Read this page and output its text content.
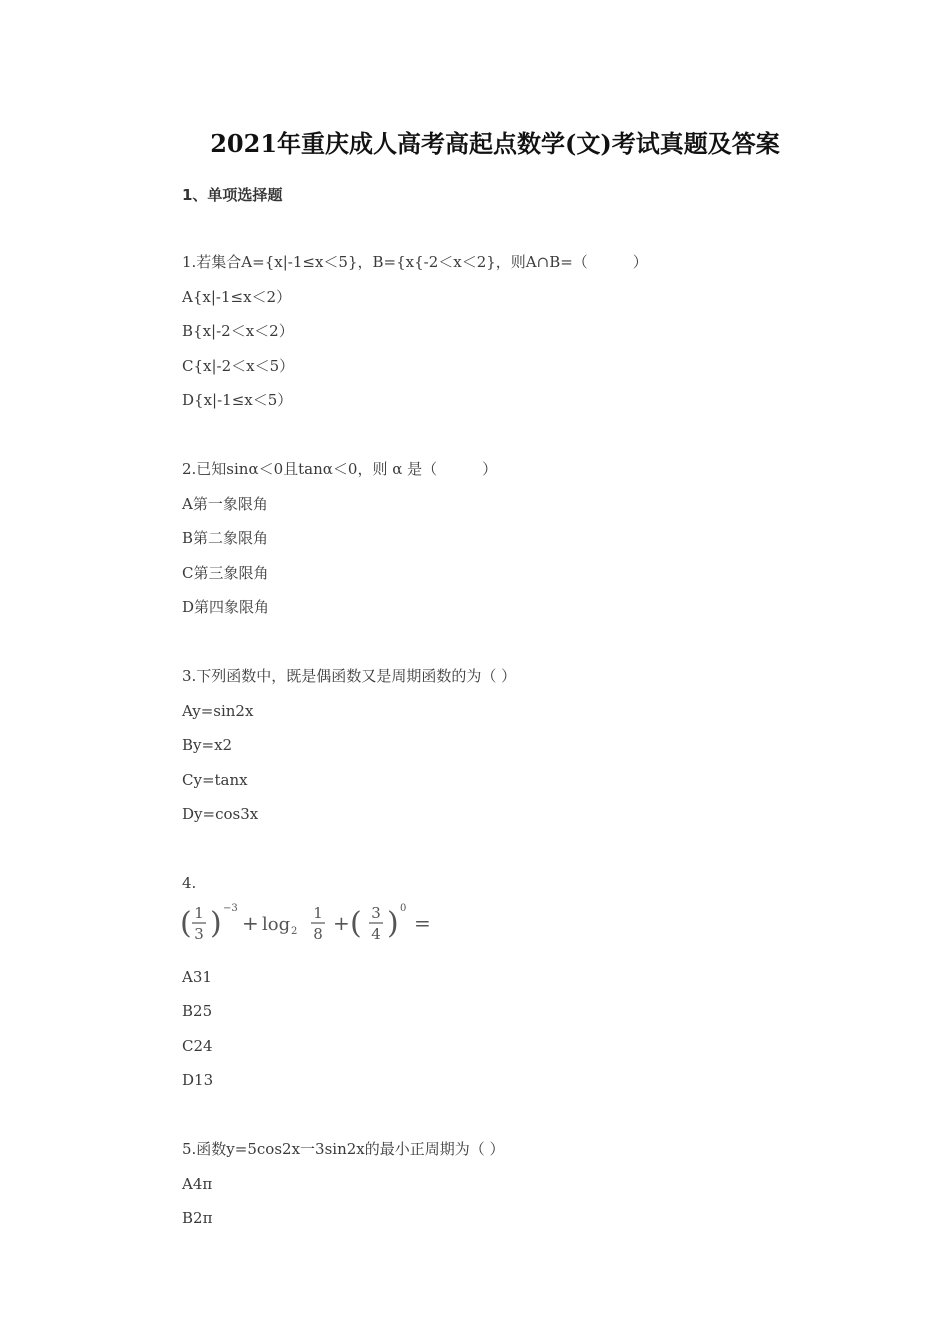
2021年重庆成人高考高起点数学(文)考试真题及答案
1、单项选择题
1.若集合A={x|-1≤x＜5}，B={x{-2＜x＜2}，则A∩B=（　　　）
A{x|-1≤x＜2）
B{x|-2＜x＜2）
C{x|-2＜x＜5）
D{x|-1≤x＜5）
2.已知sinα＜0且tanα＜0，则 α 是（　　　）
A第一象限角
B第二象限角
C第三象限角
D第四象限角
3.下列函数中，既是偶函数又是周期函数的为（ ）
Ay=sin2x
By=x2
Cy=tanx
Dy=cos3x
4.
( 1
3 ) −3
+ log 2
1
8 + ( 3
4 ) 0
=
A31
B25
C24
D13
5.函数y=5cos2x一3sin2x的最小正周期为（ ）
A4π
B2π
